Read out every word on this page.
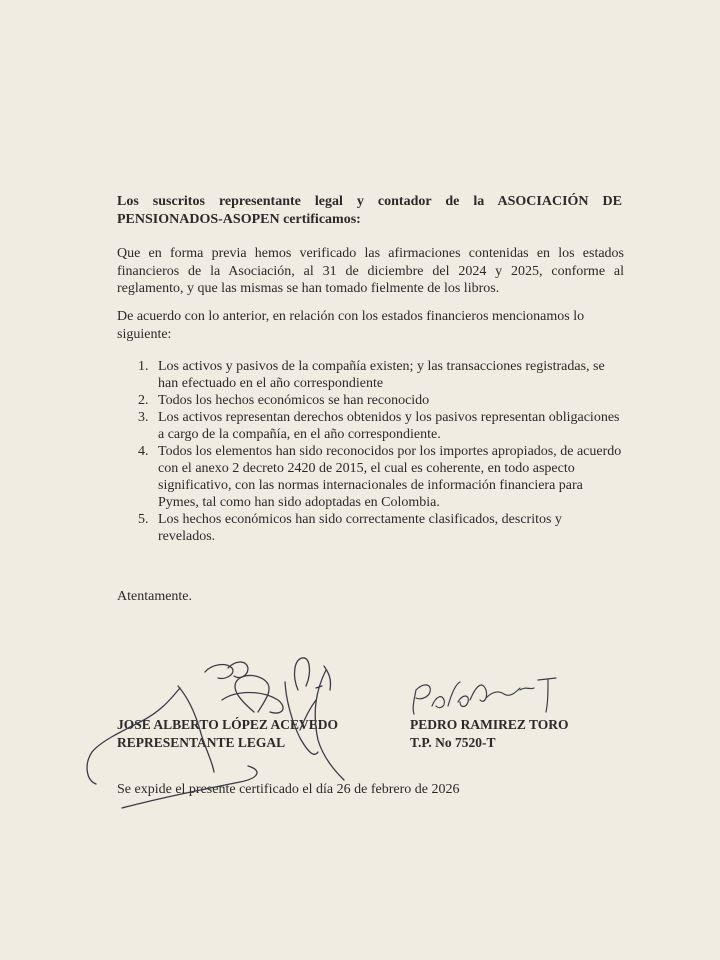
Los suscritos representante legal y contador de la ASOCIACIÓN DE
PENSIONADOS-ASOPEN certificamos:
Que en forma previa hemos verificado las afirmaciones contenidas en los estados financieros de la Asociación, al 31 de diciembre del 2024 y 2025, conforme al reglamento, y que las mismas se han tomado fielmente de los libros.
De acuerdo con lo anterior, en relación con los estados financieros mencionamos lo siguiente:
1. Los activos y pasivos de la compañía existen; y las transacciones registradas, se han efectuado en el año correspondiente
2. Todos los hechos económicos se han reconocido
3. Los activos representan derechos obtenidos y los pasivos representan obligaciones a cargo de la compañía, en el año correspondiente.
4. Todos los elementos han sido reconocidos por los importes apropiados, de acuerdo con el anexo 2 decreto 2420 de 2015, el cual es coherente, en todo aspecto significativo, con las normas internacionales de información financiera para Pymes, tal como han sido adoptadas en Colombia.
5. Los hechos económicos han sido correctamente clasificados, descritos y revelados.
Atentamente.
JOSE ALBERTO LÓPEZ ACEVEDO
REPRESENTANTE LEGAL
PEDRO RAMIREZ TORO
T.P. No 7520-T
Se expide el presente certificado el día 26 de febrero de 2026
